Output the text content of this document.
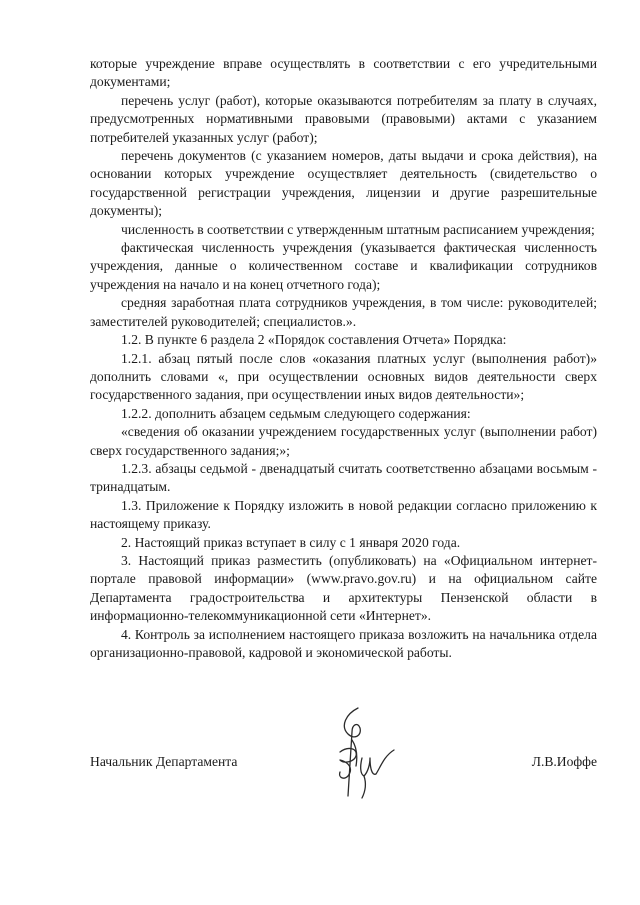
которые учреждение вправе осуществлять в соответствии с его учредительными документами;

перечень услуг (работ), которые оказываются потребителям за плату в случаях, предусмотренных нормативными правовыми (правовыми) актами с указанием потребителей указанных услуг (работ);

перечень документов (с указанием номеров, даты выдачи и срока действия), на основании которых учреждение осуществляет деятельность (свидетельство о государственной регистрации учреждения, лицензии и другие разрешительные документы);

численность в соответствии с утвержденным штатным расписанием учреждения;

фактическая численность учреждения (указывается фактическая численность учреждения, данные о количественном составе и квалификации сотрудников учреждения на начало и на конец отчетного года);

средняя заработная плата сотрудников учреждения, в том числе: руководителей; заместителей руководителей; специалистов.».

1.2. В пункте 6 раздела 2 «Порядок составления Отчета» Порядка:

1.2.1. абзац пятый после слов «оказания платных услуг (выполнения работ)» дополнить словами «, при осуществлении основных видов деятельности сверх государственного задания, при осуществлении иных видов деятельности»;

1.2.2. дополнить абзацем седьмым следующего содержания:

«сведения об оказании учреждением государственных услуг (выполнении работ) сверх государственного задания;»;

1.2.3. абзацы седьмой - двенадцатый считать соответственно абзацами восьмым - тринадцатым.

1.3. Приложение к Порядку изложить в новой редакции согласно приложению к настоящему приказу.

2. Настоящий приказ вступает в силу с 1 января 2020 года.

3. Настоящий приказ разместить (опубликовать) на «Официальном интернет-портале правовой информации» (www.pravo.gov.ru) и на официальном сайте Департамента градостроительства и архитектуры Пензенской области в информационно-телекоммуникационной сети «Интернет».

4. Контроль за исполнением настоящего приказа возложить на начальника отдела организационно-правовой, кадровой и экономической работы.

Начальник Департамента	Л.В.Иоффе
